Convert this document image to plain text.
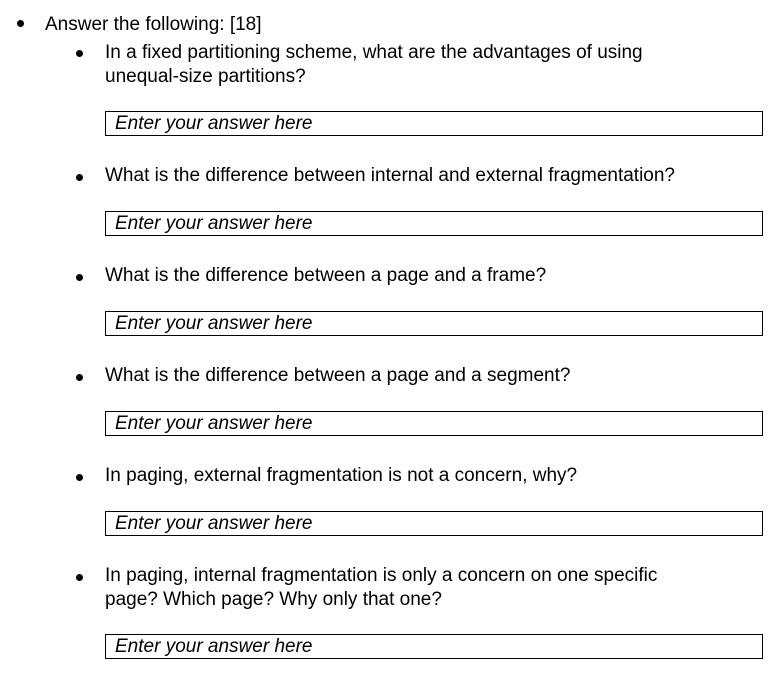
Answer the following: [18]
In a fixed partitioning scheme, what are the advantages of using unequal-size partitions?
Enter your answer here
What is the difference between internal and external fragmentation?
Enter your answer here
What is the difference between a page and a frame?
Enter your answer here
What is the difference between a page and a segment?
Enter your answer here
In paging, external fragmentation is not a concern, why?
Enter your answer here
In paging, internal fragmentation is only a concern on one specific page? Which page? Why only that one?
Enter your answer here
